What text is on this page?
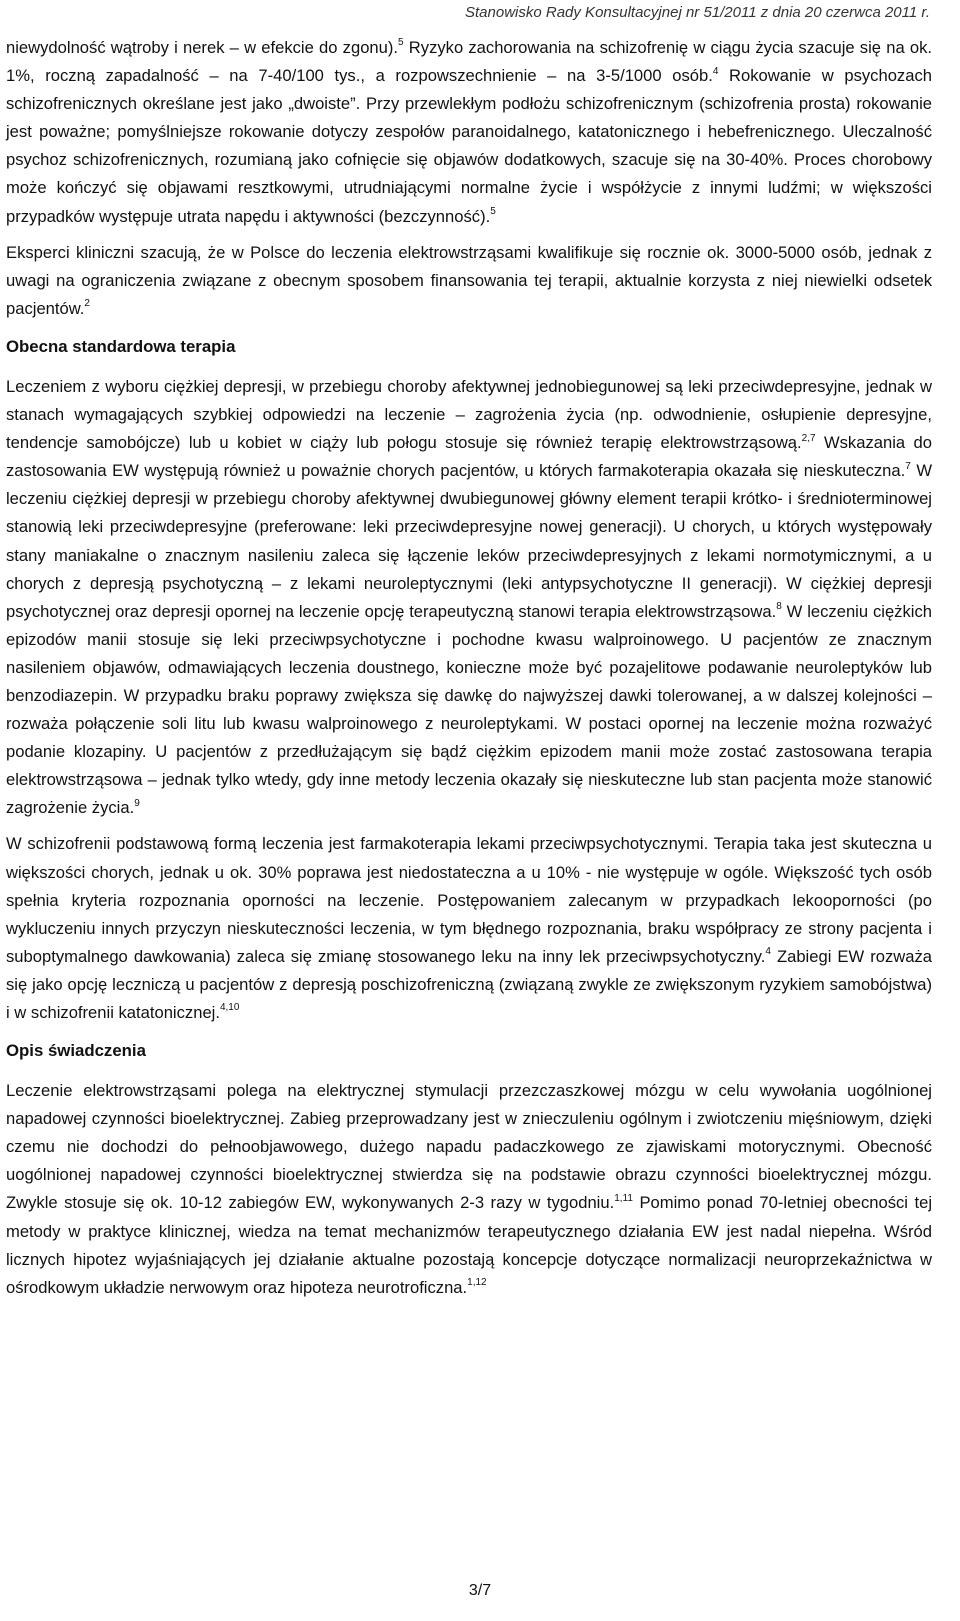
Stanowisko Rady Konsultacyjnej nr 51/2011 z dnia 20 czerwca 2011 r.

niewydolność wątroby i nerek – w efekcie do zgonu).$^5$ Ryzyko zachorowania na schizofrenię w ciągu życia szacuje się na ok. 1%, roczną zapadalność – na 7-40/100 tys., a rozpowszechnienie – na 3-5/1000 osób.$^4$ Rokowanie w psychozach schizofrenicznych określane jest jako „dwoiste”. Przy przewlekłym podłożu schizofrenicznym (schizofrenia prosta) rokowanie jest poważne; pomyślniejsze rokowanie dotyczy zespołów paranoidalnego, katatonicznego i hebefrenicznego. Uleczalność psychoz schizofrenicznych, rozumianą jako cofnięcie się objawów dodatkowych, szacuje się na 30-40%. Proces chorobowy może kończyć się objawami resztkowymi, utrudniającymi normalne życie i współżycie z innymi ludźmi; w większości przypadków występuje utrata napędu i aktywności (bezczynność).$^5$

Eksperci kliniczni szacują, że w Polsce do leczenia elektrowstrząsami kwalifikuje się rocznie ok. 3000-5000 osób, jednak z uwagi na ograniczenia związane z obecnym sposobem finansowania tej terapii, aktualnie korzysta z niej niewielki odsetek pacjentów.$^2$

Obecna standardowa terapia

Leczeniem z wyboru ciężkiej depresji, w przebiegu choroby afektywnej jednobiegunowej są leki przeciwdepresyjne, jednak w stanach wymagających szybkiej odpowiedzi na leczenie – zagrożenia życia (np. odwodnienie, osłupienie depresyjne, tendencje samobójcze) lub u kobiet w ciąży lub połogu stosuje się również terapię elektrowstrząsową.$^{2,7}$ Wskazania do zastosowania EW występują również u poważnie chorych pacjentów, u których farmakoterapia okazała się nieskuteczna.$^7$ W leczeniu ciężkiej depresji w przebiegu choroby afektywnej dwubiegunowej główny element terapii krótko- i średnioterminowej stanowią leki przeciwdepresyjne (preferowane: leki przeciwdepresyjne nowej generacji). U chorych, u których występowały stany maniakalne o znacznym nasileniu zaleca się łączenie leków przeciwdepresyjnych z lekami normotymicznymi, a u chorych z depresją psychotyczną – z lekami neuroleptycznymi (leki antypsychotyczne II generacji). W ciężkiej depresji psychotycznej oraz depresji opornej na leczenie opcję terapeutyczną stanowi terapia elektrowstrząsowa.$^8$ W leczeniu ciężkich epizodów manii stosuje się leki przeciwpsychotyczne i pochodne kwasu walproinowego. U pacjentów ze znacznym nasileniem objawów, odmawiających leczenia doustnego, konieczne może być pozajelitowe podawanie neuroleptyków lub benzodiazepin. W przypadku braku poprawy zwiększa się dawkę do najwyższej dawki tolerowanej, a w dalszej kolejności – rozważa połączenie soli litu lub kwasu walproinowego z neuroleptykami. W postaci opornej na leczenie można rozważyć podanie klozapiny. U pacjentów z przedłużającym się bądź ciężkim epizodem manii może zostać zastosowana terapia elektrowstrząsowa – jednak tylko wtedy, gdy inne metody leczenia okazały się nieskuteczne lub stan pacjenta może stanowić zagrożenie życia.$^9$

W schizofrenii podstawową formą leczenia jest farmakoterapia lekami przeciwpsychotycznymi. Terapia taka jest skuteczna u większości chorych, jednak u ok. 30% poprawa jest niedostateczna a u 10% - nie występuje w ogóle. Większość tych osób spełnia kryteria rozpoznania oporności na leczenie. Postępowaniem zalecanym w przypadkach lekooporności (po wykluczeniu innych przyczyn nieskuteczności leczenia, w tym błędnego rozpoznania, braku współpracy ze strony pacjenta i suboptymalnego dawkowania) zaleca się zmianę stosowanego leku na inny lek przeciwpsychotyczny.$^4$ Zabiegi EW rozważa się jako opcję leczniczą u pacjentów z depresją poschizofreniczną (związaną zwykle ze zwiększonym ryzykiem samobójstwa) i w schizofrenii katatonicznej.$^{4,10}$

Opis świadczenia

Leczenie elektrowstrząsami polega na elektrycznej stymulacji przezczaszkowej mózgu w celu wywołania uogólnionej napadowej czynności bioelektrycznej. Zabieg przeprowadzany jest w znieczuleniu ogólnym i zwiotczeniu mięśniowym, dzięki czemu nie dochodzi do pełnoobjawowego, dużego napadu padaczkowego ze zjawiskami motorycznymi. Obecność uogólnionej napadowej czynności bioelektrycznej stwierdza się na podstawie obrazu czynności bioelektrycznej mózgu. Zwykle stosuje się ok. 10-12 zabiegów EW, wykonywanych 2-3 razy w tygodniu.$^{1,11}$ Pomimo ponad 70-letniej obecności tej metody w praktyce klinicznej, wiedza na temat mechanizmów terapeutycznego działania EW jest nadal niepełna. Wśród licznych hipotez wyjaśniających jej działanie aktualne pozostają koncepcje dotyczące normalizacji neuroprzekaźnictwa w ośrodkowym układzie nerwowym oraz hipoteza neurotroficzna.$^{1,12}$

3/7
